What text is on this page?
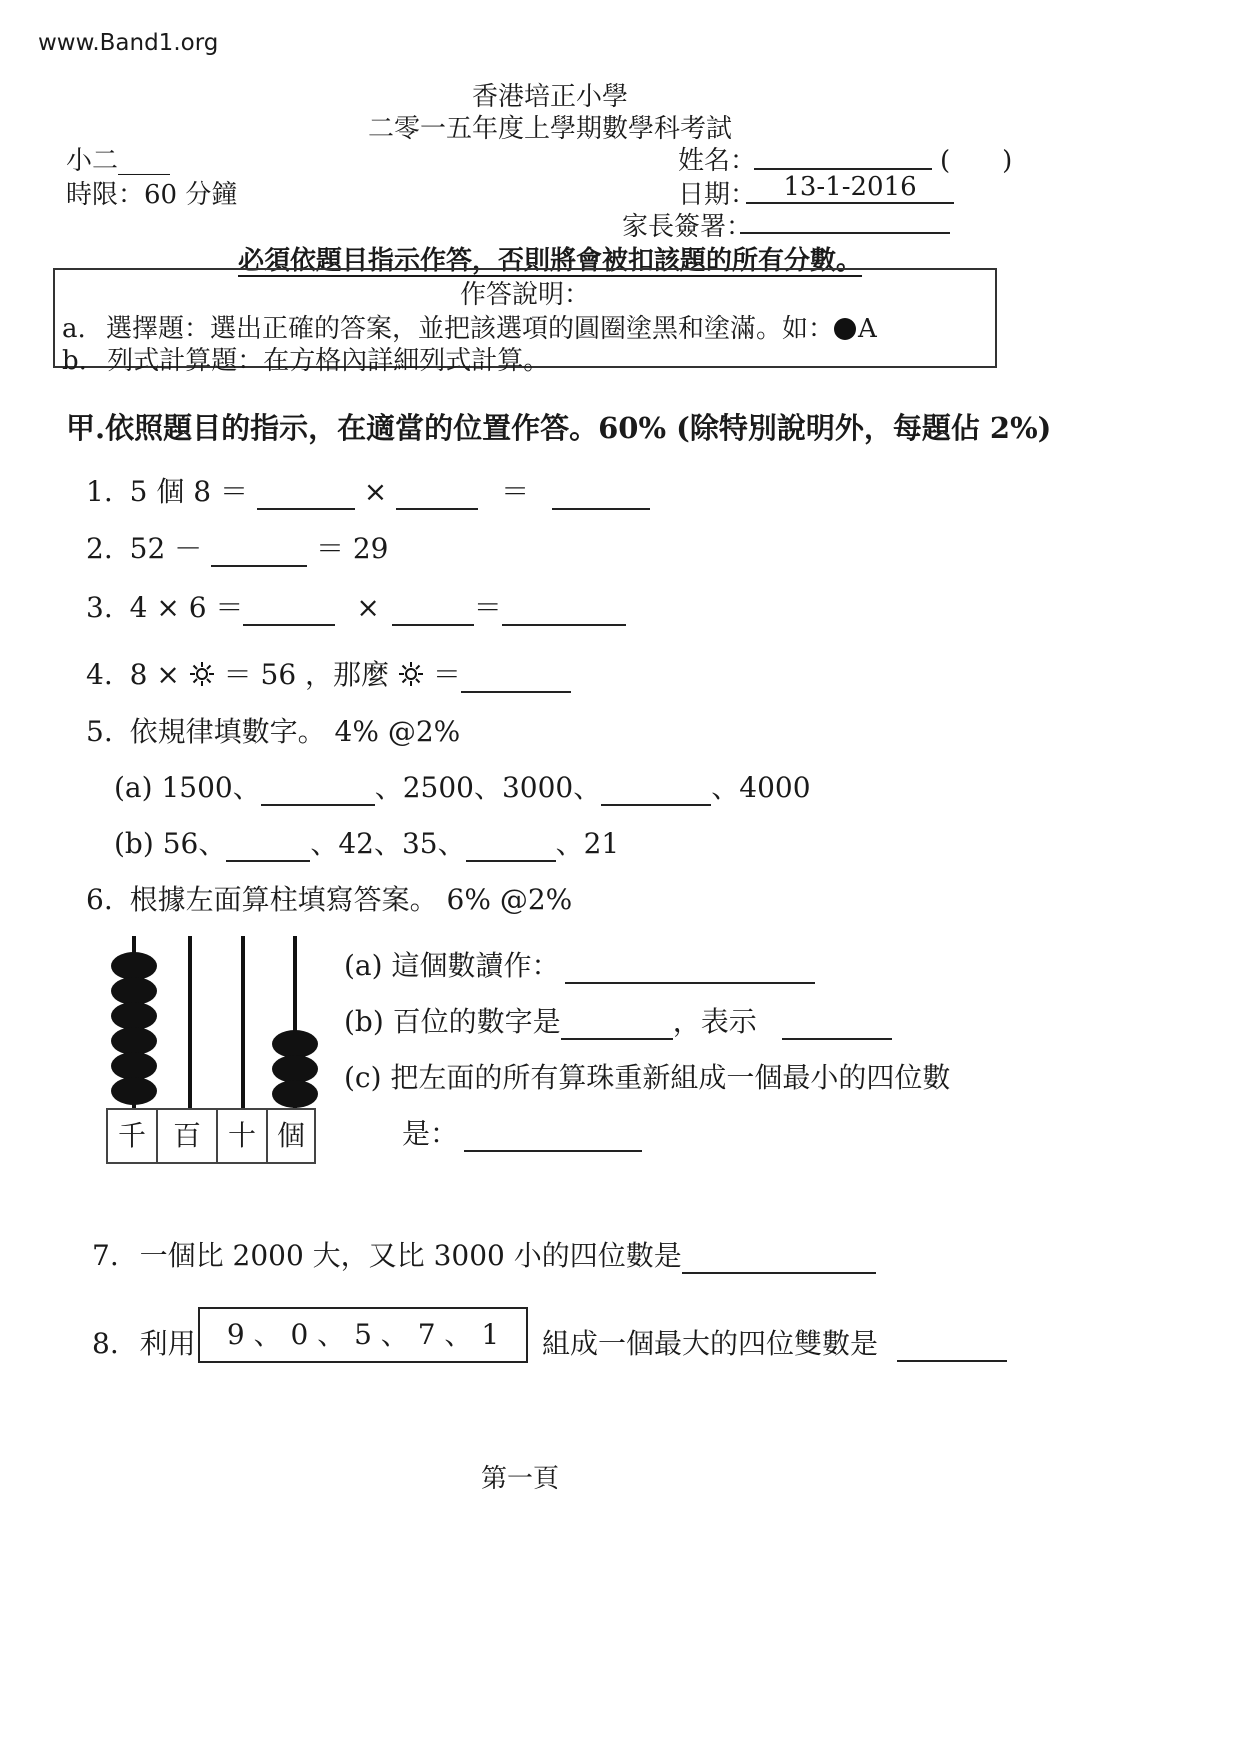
www.Band1.org
香港培正小學
二零一五年度上學期數學科考試
小二____
時限：60 分鐘
姓名：	(　　)
日期：	13-1-2016
家長簽署：
必須依題目指示作答，否則將會被扣該題的所有分數。
作答說明：
a. 選擇題：選出正確的答案，並把該選項的圓圈塗黑和塗滿。如： A
b. 列式計算題：在方格內詳細列式計算。
甲.依照題目的指示，在適當的位置作答。60% (除特別說明外，每題佔 2%)
1. 5 個 8 ＝	×	＝
2. 52 －	＝ 29
3. 4 × 6 ＝	×	＝
4. 8 × ＝ 56 ，那麼 ＝
5. 依規律填數字。 4% @2%
(a) 1500、	、2500、3000、	、4000
(b) 56、	、42、35、	、21
6. 根據左面算柱填寫答案。 6% @2%
千 百 十 個
(a) 這個數讀作：
(b) 百位的數字是	，表示
(c) 把左面的所有算珠重新組成一個最小的四位數
是：
7. 一個比 2000 大，又比 3000 小的四位數是
8. 利用	9 、 0 、 5 、 7 、 1	組成一個最大的四位雙數是
第一頁
